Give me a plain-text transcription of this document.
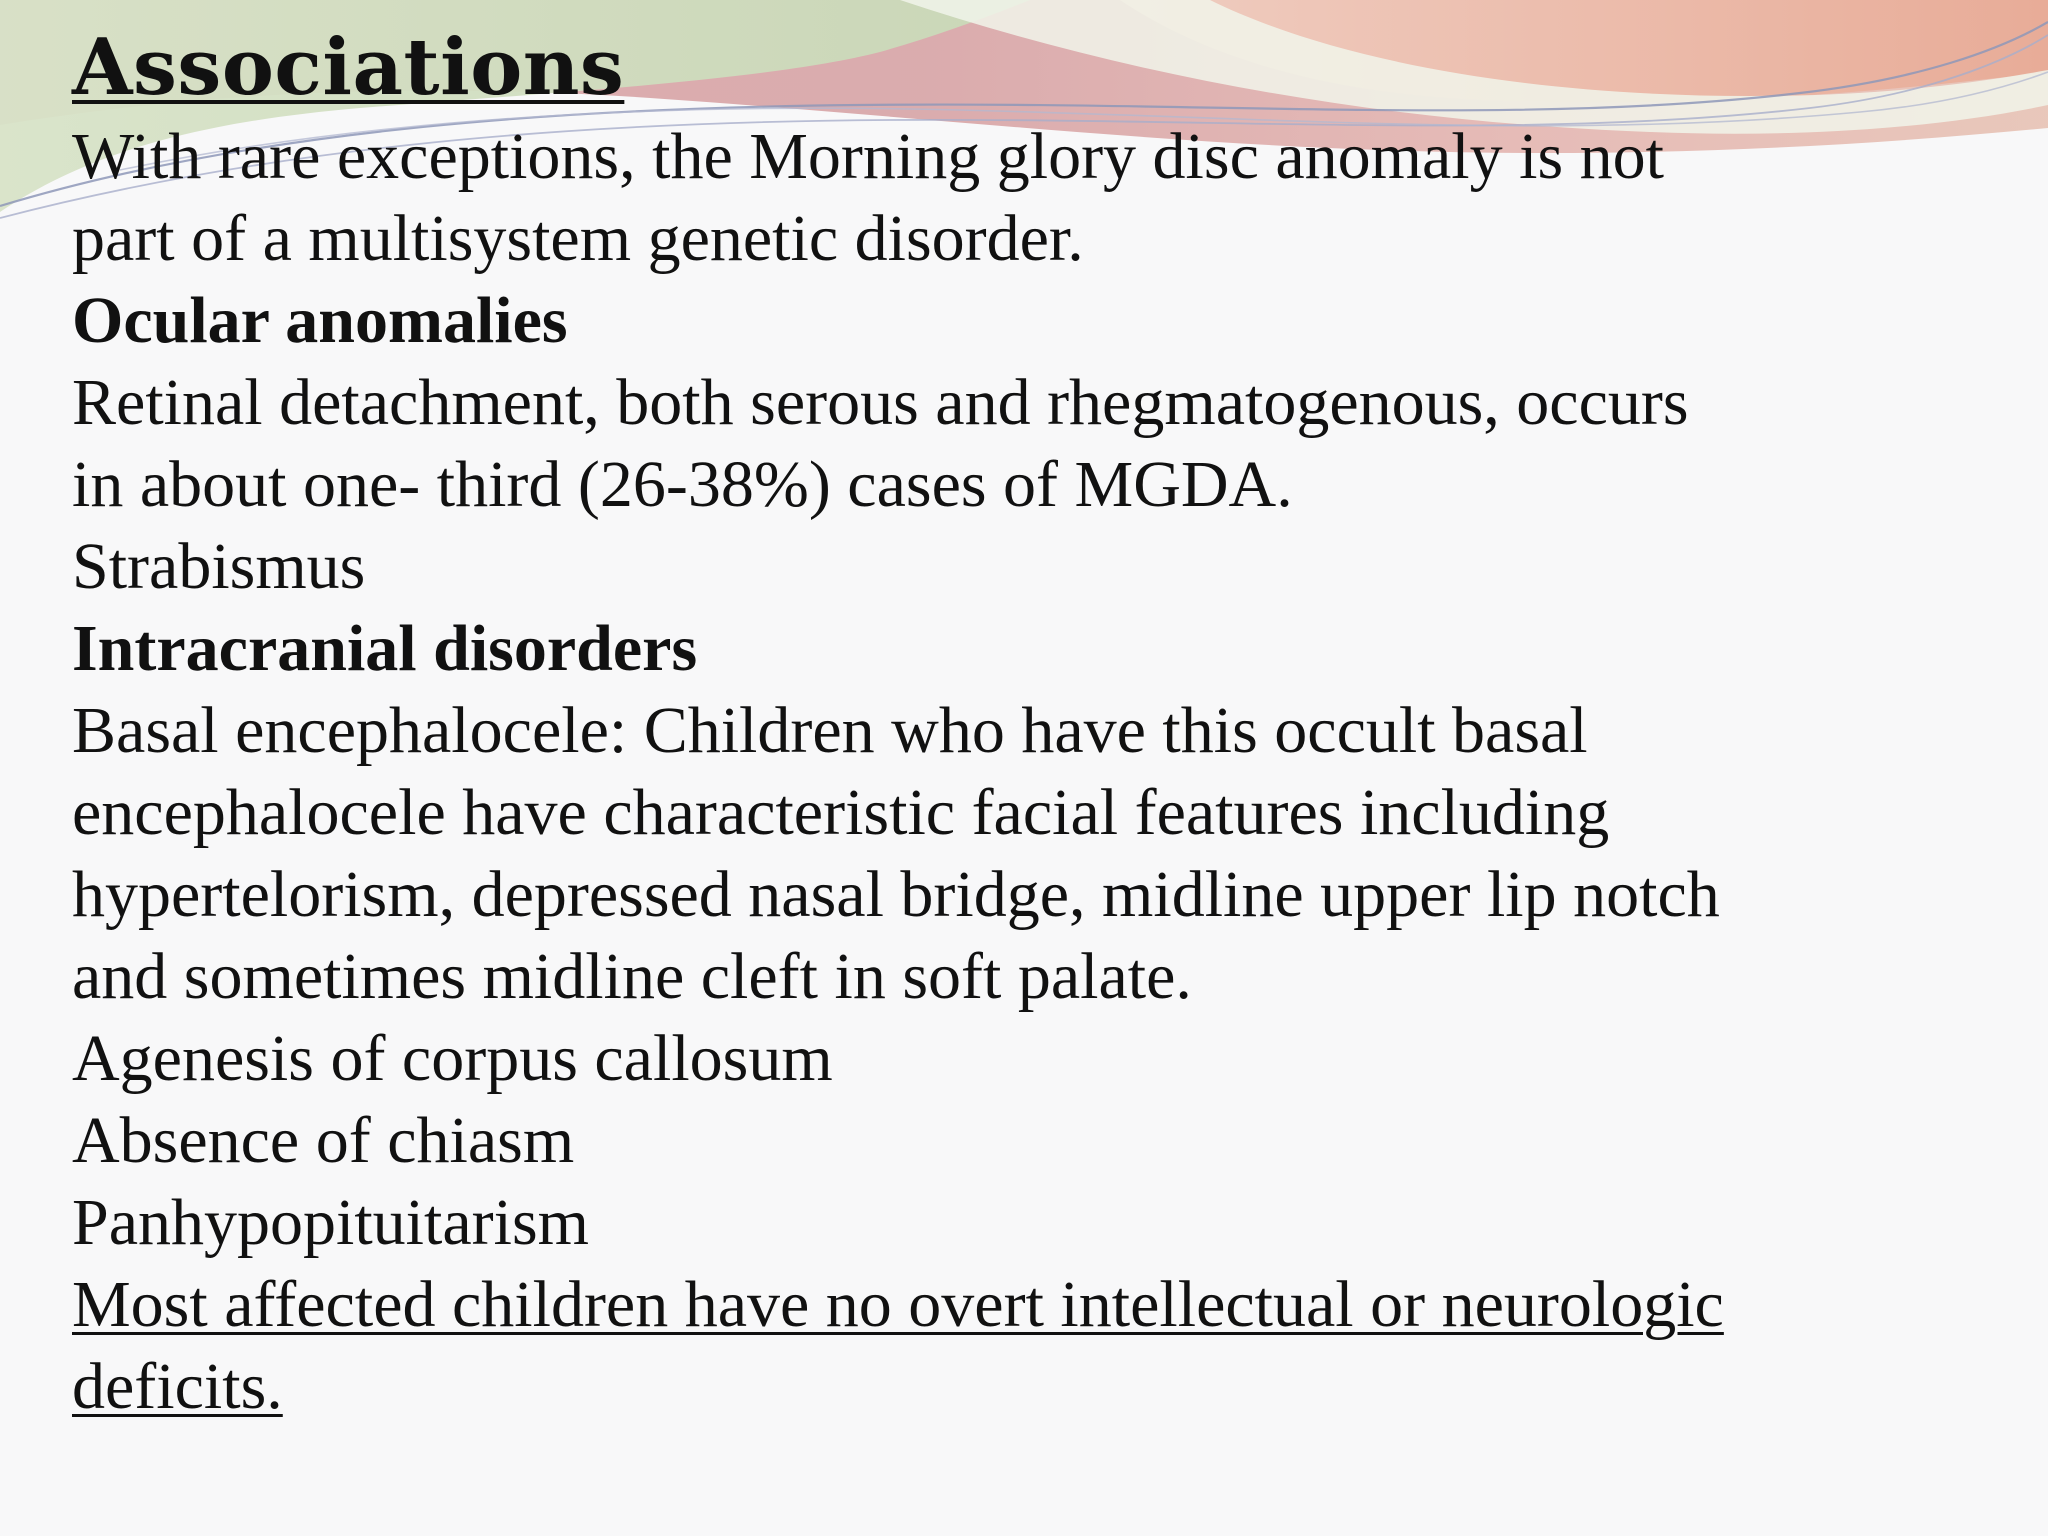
Associations

With rare exceptions, the Morning glory disc anomaly is not

part of a multisystem genetic disorder.

Ocular anomalies

Retinal detachment, both serous and rhegmatogenous, occurs

in about one- third (26-38%) cases of MGDA.

Strabismus

Intracranial disorders

Basal encephalocele: Children who have this occult basal

encephalocele have characteristic facial features including

hypertelorism, depressed nasal bridge, midline upper lip notch

and sometimes midline cleft in soft palate.

Agenesis of corpus callosum

Absence of chiasm

Panhypopituitarism

Most affected children have no overt intellectual or neurologic

deficits.
